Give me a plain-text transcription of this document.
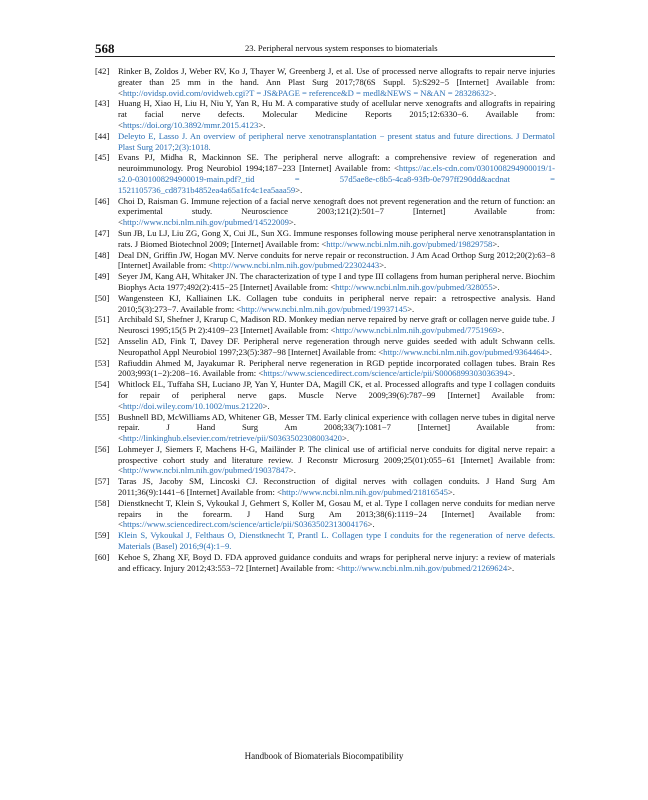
568	23. Peripheral nervous system responses to biomaterials
[42] Rinker B, Zoldos J, Weber RV, Ko J, Thayer W, Greenberg J, et al. Use of processed nerve allografts to repair nerve injuries greater than 25 mm in the hand. Ann Plast Surg 2017;78(6S Suppl. 5):S292−5 [Internet] Available from: <http://ovidsp.ovid.com/ovidweb.cgi?T = JS&PAGE = reference&D = medl&NEWS = N&AN = 28328632>.
[43] Huang H, Xiao H, Liu H, Niu Y, Yan R, Hu M. A comparative study of acellular nerve xenografts and allografts in repairing rat facial nerve defects. Molecular Medicine Reports 2015;12:6330−6. Available from: <https://doi.org/10.3892/mmr.2015.4123>.
[44] Deleyto E, Lasso J. An overview of peripheral nerve xenotransplantation − present status and future directions. J Dermatol Plast Surg 2017;2(3):1018.
[45] Evans PJ, Midha R, Mackinnon SE. The peripheral nerve allograft: a comprehensive review of regeneration and neuroimmunology. Prog Neurobiol 1994;187−233 [Internet] Available from: <https://ac.els-cdn.com/0301008294900019/1-s2.0-0301008294900019-main.pdf?_tid = 57d5ae8e-c8b5-4ca8-93fb-0e797ff290dd&acdnat = 1521105736_cd8731b4852ea4a65a1fc4c1ea5aaa59>.
[46] Choi D, Raisman G. Immune rejection of a facial nerve xenograft does not prevent regeneration and the return of function: an experimental study. Neuroscience 2003;121(2):501−7 [Internet] Available from: <http://www.ncbi.nlm.nih.gov/pubmed/14522009>.
[47] Sun JB, Lu LJ, Liu ZG, Gong X, Cui JL, Sun XG. Immune responses following mouse peripheral nerve xenotransplantation in rats. J Biomed Biotechnol 2009; [Internet] Available from: <http://www.ncbi.nlm.nih.gov/pubmed/19829758>.
[48] Deal DN, Griffin JW, Hogan MV. Nerve conduits for nerve repair or reconstruction. J Am Acad Orthop Surg 2012;20(2):63−8 [Internet] Available from: <http://www.ncbi.nlm.nih.gov/pubmed/22302443>.
[49] Seyer JM, Kang AH, Whitaker JN. The characterization of type I and type III collagens from human peripheral nerve. Biochim Biophys Acta 1977;492(2):415−25 [Internet] Available from: <http://www.ncbi.nlm.nih.gov/pubmed/328055>.
[50] Wangensteen KJ, Kalliainen LK. Collagen tube conduits in peripheral nerve repair: a retrospective analysis. Hand 2010;5(3):273−7. Available from: <http://www.ncbi.nlm.nih.gov/pubmed/19937145>.
[51] Archibald SJ, Shefner J, Krarup C, Madison RD. Monkey median nerve repaired by nerve graft or collagen nerve guide tube. J Neurosci 1995;15(5 Pt 2):4109−23 [Internet] Available from: <http://www.ncbi.nlm.nih.gov/pubmed/7751969>.
[52] Ansselin AD, Fink T, Davey DF. Peripheral nerve regeneration through nerve guides seeded with adult Schwann cells. Neuropathol Appl Neurobiol 1997;23(5):387−98 [Internet] Available from: <http://www.ncbi.nlm.nih.gov/pubmed/9364464>.
[53] Rafiuddin Ahmed M, Jayakumar R. Peripheral nerve regeneration in RGD peptide incorporated collagen tubes. Brain Res 2003;993(1−2):208−16. Available from: <https://www.sciencedirect.com/science/article/pii/S0006899303036394>.
[54] Whitlock EL, Tuffaha SH, Luciano JP, Yan Y, Hunter DA, Magill CK, et al. Processed allografts and type I collagen conduits for repair of peripheral nerve gaps. Muscle Nerve 2009;39(6):787−99 [Internet] Available from: <http://doi.wiley.com/10.1002/mus.21220>.
[55] Bushnell BD, McWilliams AD, Whitener GB, Messer TM. Early clinical experience with collagen nerve tubes in digital nerve repair. J Hand Surg Am 2008;33(7):1081−7 [Internet] Available from: <http://linkinghub.elsevier.com/retrieve/pii/S0363502308003420>.
[56] Lohmeyer J, Siemers F, Machens H-G, Mailänder P. The clinical use of artificial nerve conduits for digital nerve repair: a prospective cohort study and literature review. J Reconstr Microsurg 2009;25(01):055−61 [Internet] Available from: <http://www.ncbi.nlm.nih.gov/pubmed/19037847>.
[57] Taras JS, Jacoby SM, Lincoski CJ. Reconstruction of digital nerves with collagen conduits. J Hand Surg Am 2011;36(9):1441−6 [Internet] Available from: <http://www.ncbi.nlm.nih.gov/pubmed/21816545>.
[58] Dienstknecht T, Klein S, Vykoukal J, Gehmert S, Koller M, Gosau M, et al. Type I collagen nerve conduits for median nerve repairs in the forearm. J Hand Surg Am 2013;38(6):1119−24 [Internet] Available from: <https://www.sciencedirect.com/science/article/pii/S0363502313004176>.
[59] Klein S, Vykoukal J, Felthaus O, Dienstknecht T, Prantl L. Collagen type I conduits for the regeneration of nerve defects. Materials (Basel) 2016;9(4):1−9.
[60] Kehoe S, Zhang XF, Boyd D. FDA approved guidance conduits and wraps for peripheral nerve injury: a review of materials and efficacy. Injury 2012;43:553−72 [Internet] Available from: <http://www.ncbi.nlm.nih.gov/pubmed/21269624>.
Handbook of Biomaterials Biocompatibility
